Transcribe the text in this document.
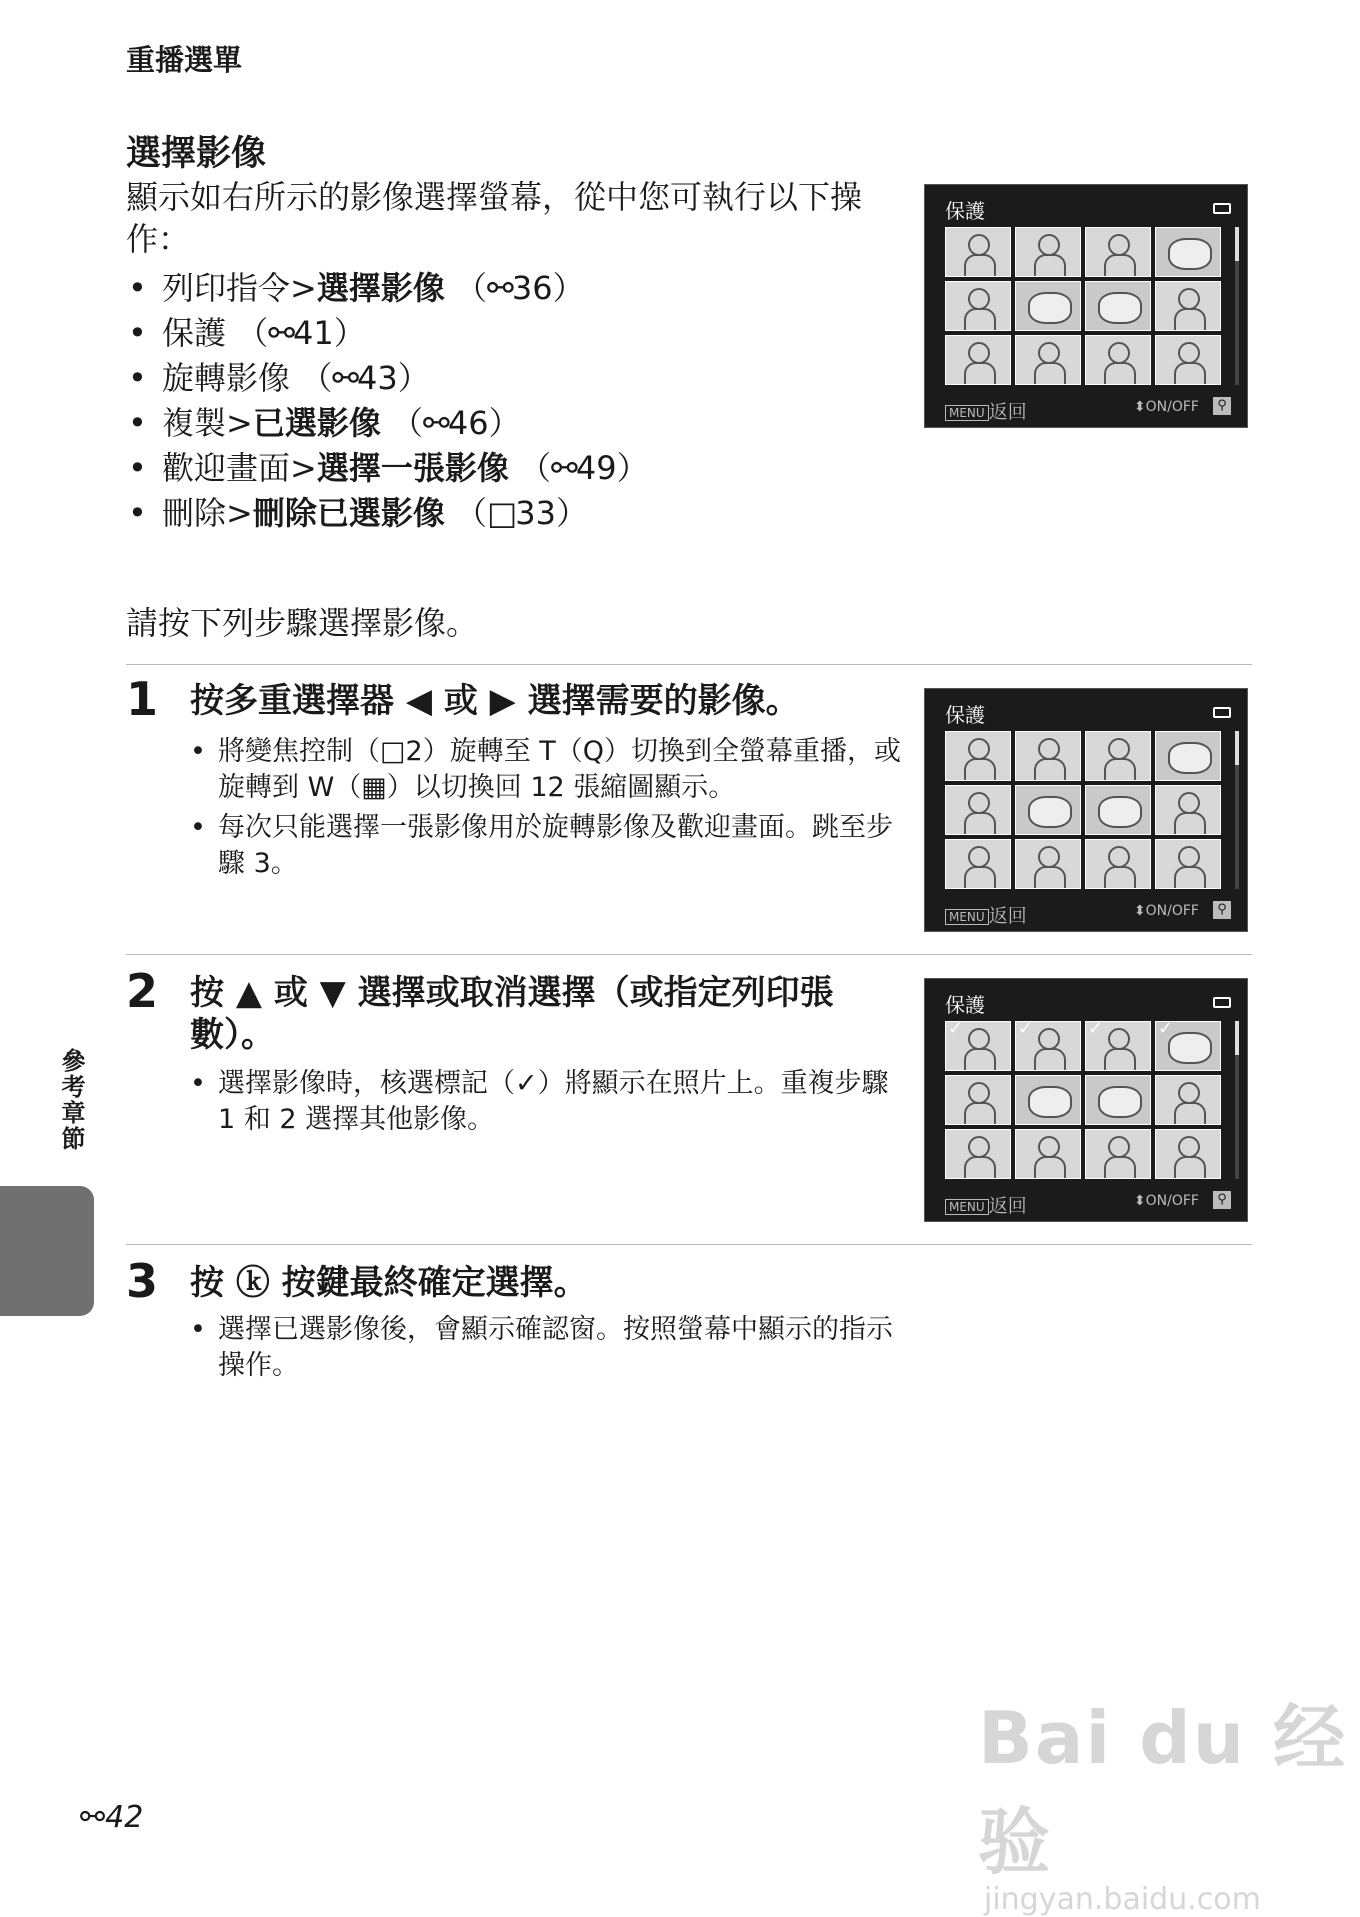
重播選單
選擇影像
顯示如右所示的影像選擇螢幕，從中您可執行以下操作：
• 列印指令>選擇影像 （⚯36）
• 保護 （⚯41）
• 旋轉影像 （⚯43）
• 複製>已選影像 （⚯46）
• 歡迎畫面>選擇一張影像 （⚯49）
• 刪除>刪除已選影像 （□33）
保護
MENU 返回	⬍ON/OFF	⚲
請按下列步驟選擇影像。
1 按多重選擇器 ◀ 或 ▶ 選擇需要的影像。
• 將變焦控制（□2）旋轉至 T（Q）切換到全螢幕重播，或旋轉到 W（▦）以切換回 12 張縮圖顯示。
• 每次只能選擇一張影像用於旋轉影像及歡迎畫面。跳至步驟 3。
保護
MENU 返回	⬍ON/OFF	⚲
2 按 ▲ 或 ▼ 選擇或取消選擇（或指定列印張數）。
• 選擇影像時，核選標記（✓）將顯示在照片上。重複步驟 1 和 2 選擇其他影像。
保護
✓	✓	✓	✓
MENU 返回	⬍ON/OFF	⚲
3 按 ⓚ 按鍵最終確定選擇。
• 選擇已選影像後，會顯示確認窗。按照螢幕中顯示的指示操作。
參考章節
⚯42
Bai du 经验
jingyan.baidu.com
